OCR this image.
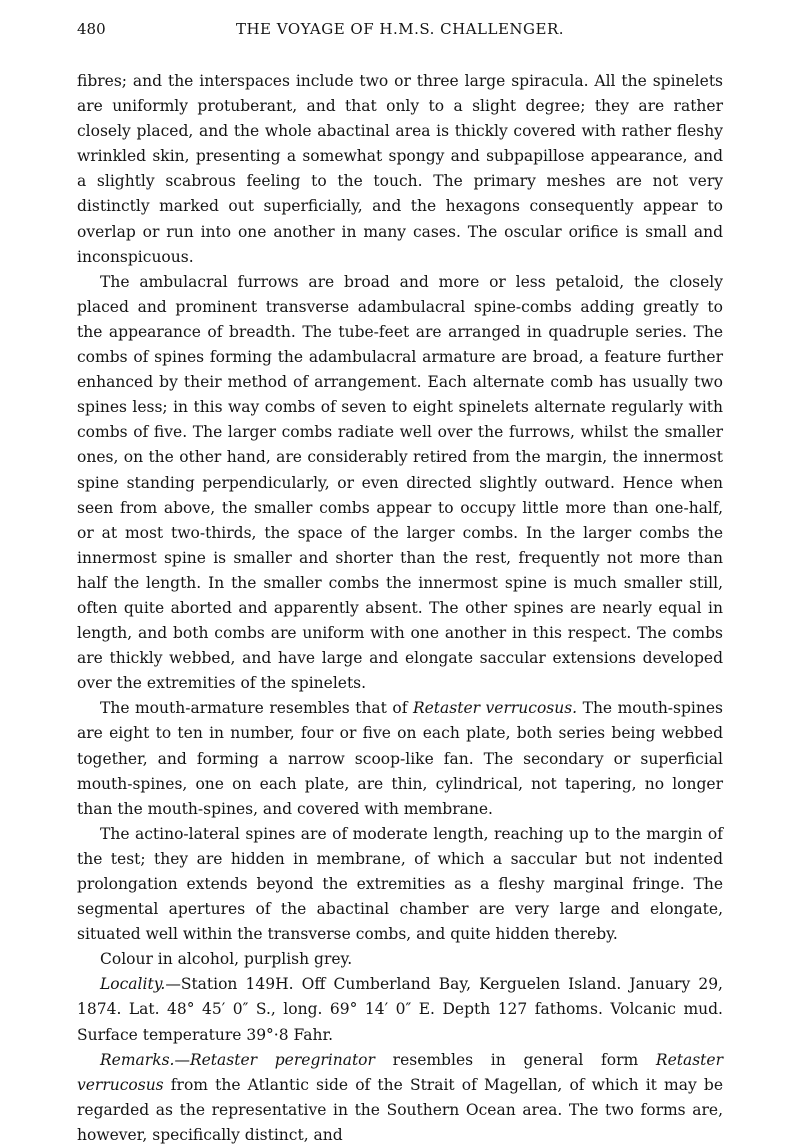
480	THE VOYAGE OF H.M.S. CHALLENGER.

fibres; and the interspaces include two or three large spiracula. All the spinelets are uniformly protuberant, and that only to a slight degree; they are rather closely placed, and the whole abactinal area is thickly covered with rather fleshy wrinkled skin, presenting a somewhat spongy and subpapillose appearance, and a slightly scabrous feeling to the touch. The primary meshes are not very distinctly marked out superficially, and the hexagons consequently appear to overlap or run into one another in many cases. The oscular orifice is small and inconspicuous.

The ambulacral furrows are broad and more or less petaloid, the closely placed and prominent transverse adambulacral spine-combs adding greatly to the appearance of breadth. The tube-feet are arranged in quadruple series. The combs of spines forming the adambulacral armature are broad, a feature further enhanced by their method of arrangement. Each alternate comb has usually two spines less; in this way combs of seven to eight spinelets alternate regularly with combs of five. The larger combs radiate well over the furrows, whilst the smaller ones, on the other hand, are considerably retired from the margin, the innermost spine standing perpendicularly, or even directed slightly outward. Hence when seen from above, the smaller combs appear to occupy little more than one-half, or at most two-thirds, the space of the larger combs. In the larger combs the innermost spine is smaller and shorter than the rest, frequently not more than half the length. In the smaller combs the innermost spine is much smaller still, often quite aborted and apparently absent. The other spines are nearly equal in length, and both combs are uniform with one another in this respect. The combs are thickly webbed, and have large and elongate saccular extensions developed over the extremities of the spinelets.

The mouth-armature resembles that of Retaster verrucosus. The mouth-spines are eight to ten in number, four or five on each plate, both series being webbed together, and forming a narrow scoop-like fan. The secondary or superficial mouth-spines, one on each plate, are thin, cylindrical, not tapering, no longer than the mouth-spines, and covered with membrane.

The actino-lateral spines are of moderate length, reaching up to the margin of the test; they are hidden in membrane, of which a saccular but not indented prolongation extends beyond the extremities as a fleshy marginal fringe. The segmental apertures of the abactinal chamber are very large and elongate, situated well within the transverse combs, and quite hidden thereby.

Colour in alcohol, purplish grey.

Locality.—Station 149H. Off Cumberland Bay, Kerguelen Island. January 29, 1874. Lat. 48° 45′ 0″ S., long. 69° 14′ 0″ E. Depth 127 fathoms. Volcanic mud. Surface temperature 39°·8 Fahr.

Remarks.—Retaster peregrinator resembles in general form Retaster verrucosus from the Atlantic side of the Strait of Magellan, of which it may be regarded as the representative in the Southern Ocean area. The two forms are, however, specifically distinct, and
